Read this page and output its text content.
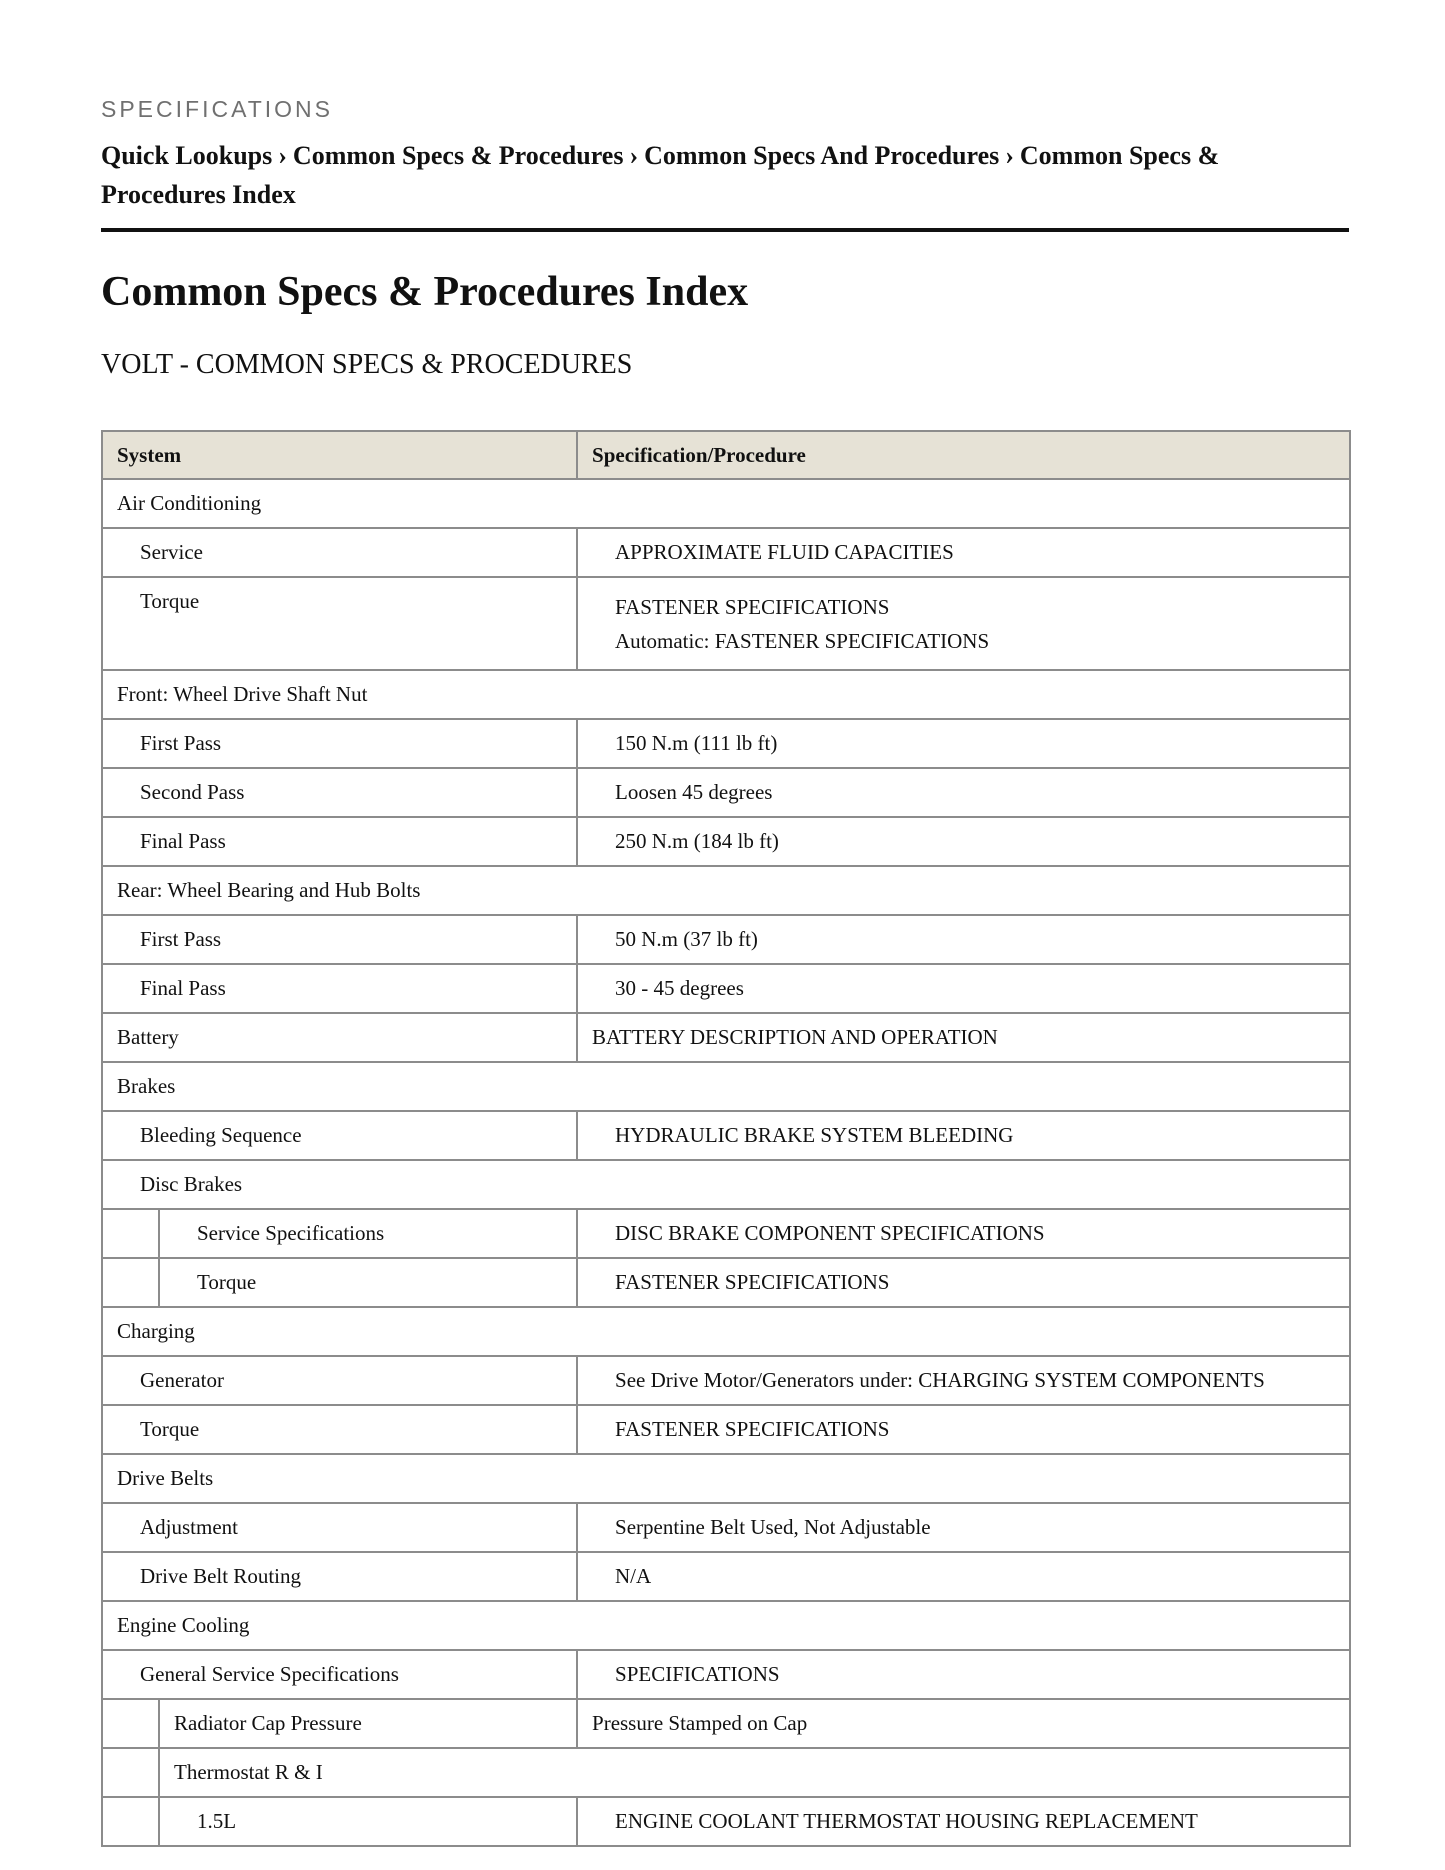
SPECIFICATIONS
Quick Lookups › Common Specs & Procedures › Common Specs And Procedures › Common Specs & Procedures Index
Common Specs & Procedures Index
VOLT - COMMON SPECS & PROCEDURES
System		Specification/Procedure
Air Conditioning		
Service		APPROXIMATE FLUID CAPACITIES
Torque		FASTENER SPECIFICATIONS
Automatic: FASTENER SPECIFICATIONS

Front: Wheel Drive Shaft Nut		
First Pass		150 N.m (111 lb ft)
Second Pass		Loosen 45 degrees
Final Pass		250 N.m (184 lb ft)
Rear: Wheel Bearing and Hub Bolts		
First Pass		50 N.m (37 lb ft)
Final Pass		30 - 45 degrees
Battery		BATTERY DESCRIPTION AND OPERATION
Brakes		
Bleeding Sequence		HYDRAULIC BRAKE SYSTEM BLEEDING
Disc Brakes		
	Service Specifications	DISC BRAKE COMPONENT SPECIFICATIONS
	Torque	FASTENER SPECIFICATIONS
Charging		
Generator		See Drive Motor/Generators under: CHARGING SYSTEM COMPONENTS
Torque		FASTENER SPECIFICATIONS
Drive Belts		
Adjustment		Serpentine Belt Used, Not Adjustable
Drive Belt Routing		N/A
Engine Cooling		
General Service Specifications		SPECIFICATIONS
	Radiator Cap Pressure	Pressure Stamped on Cap
	Thermostat R & I	
	1.5L	ENGINE COOLANT THERMOSTAT HOUSING REPLACEMENT
